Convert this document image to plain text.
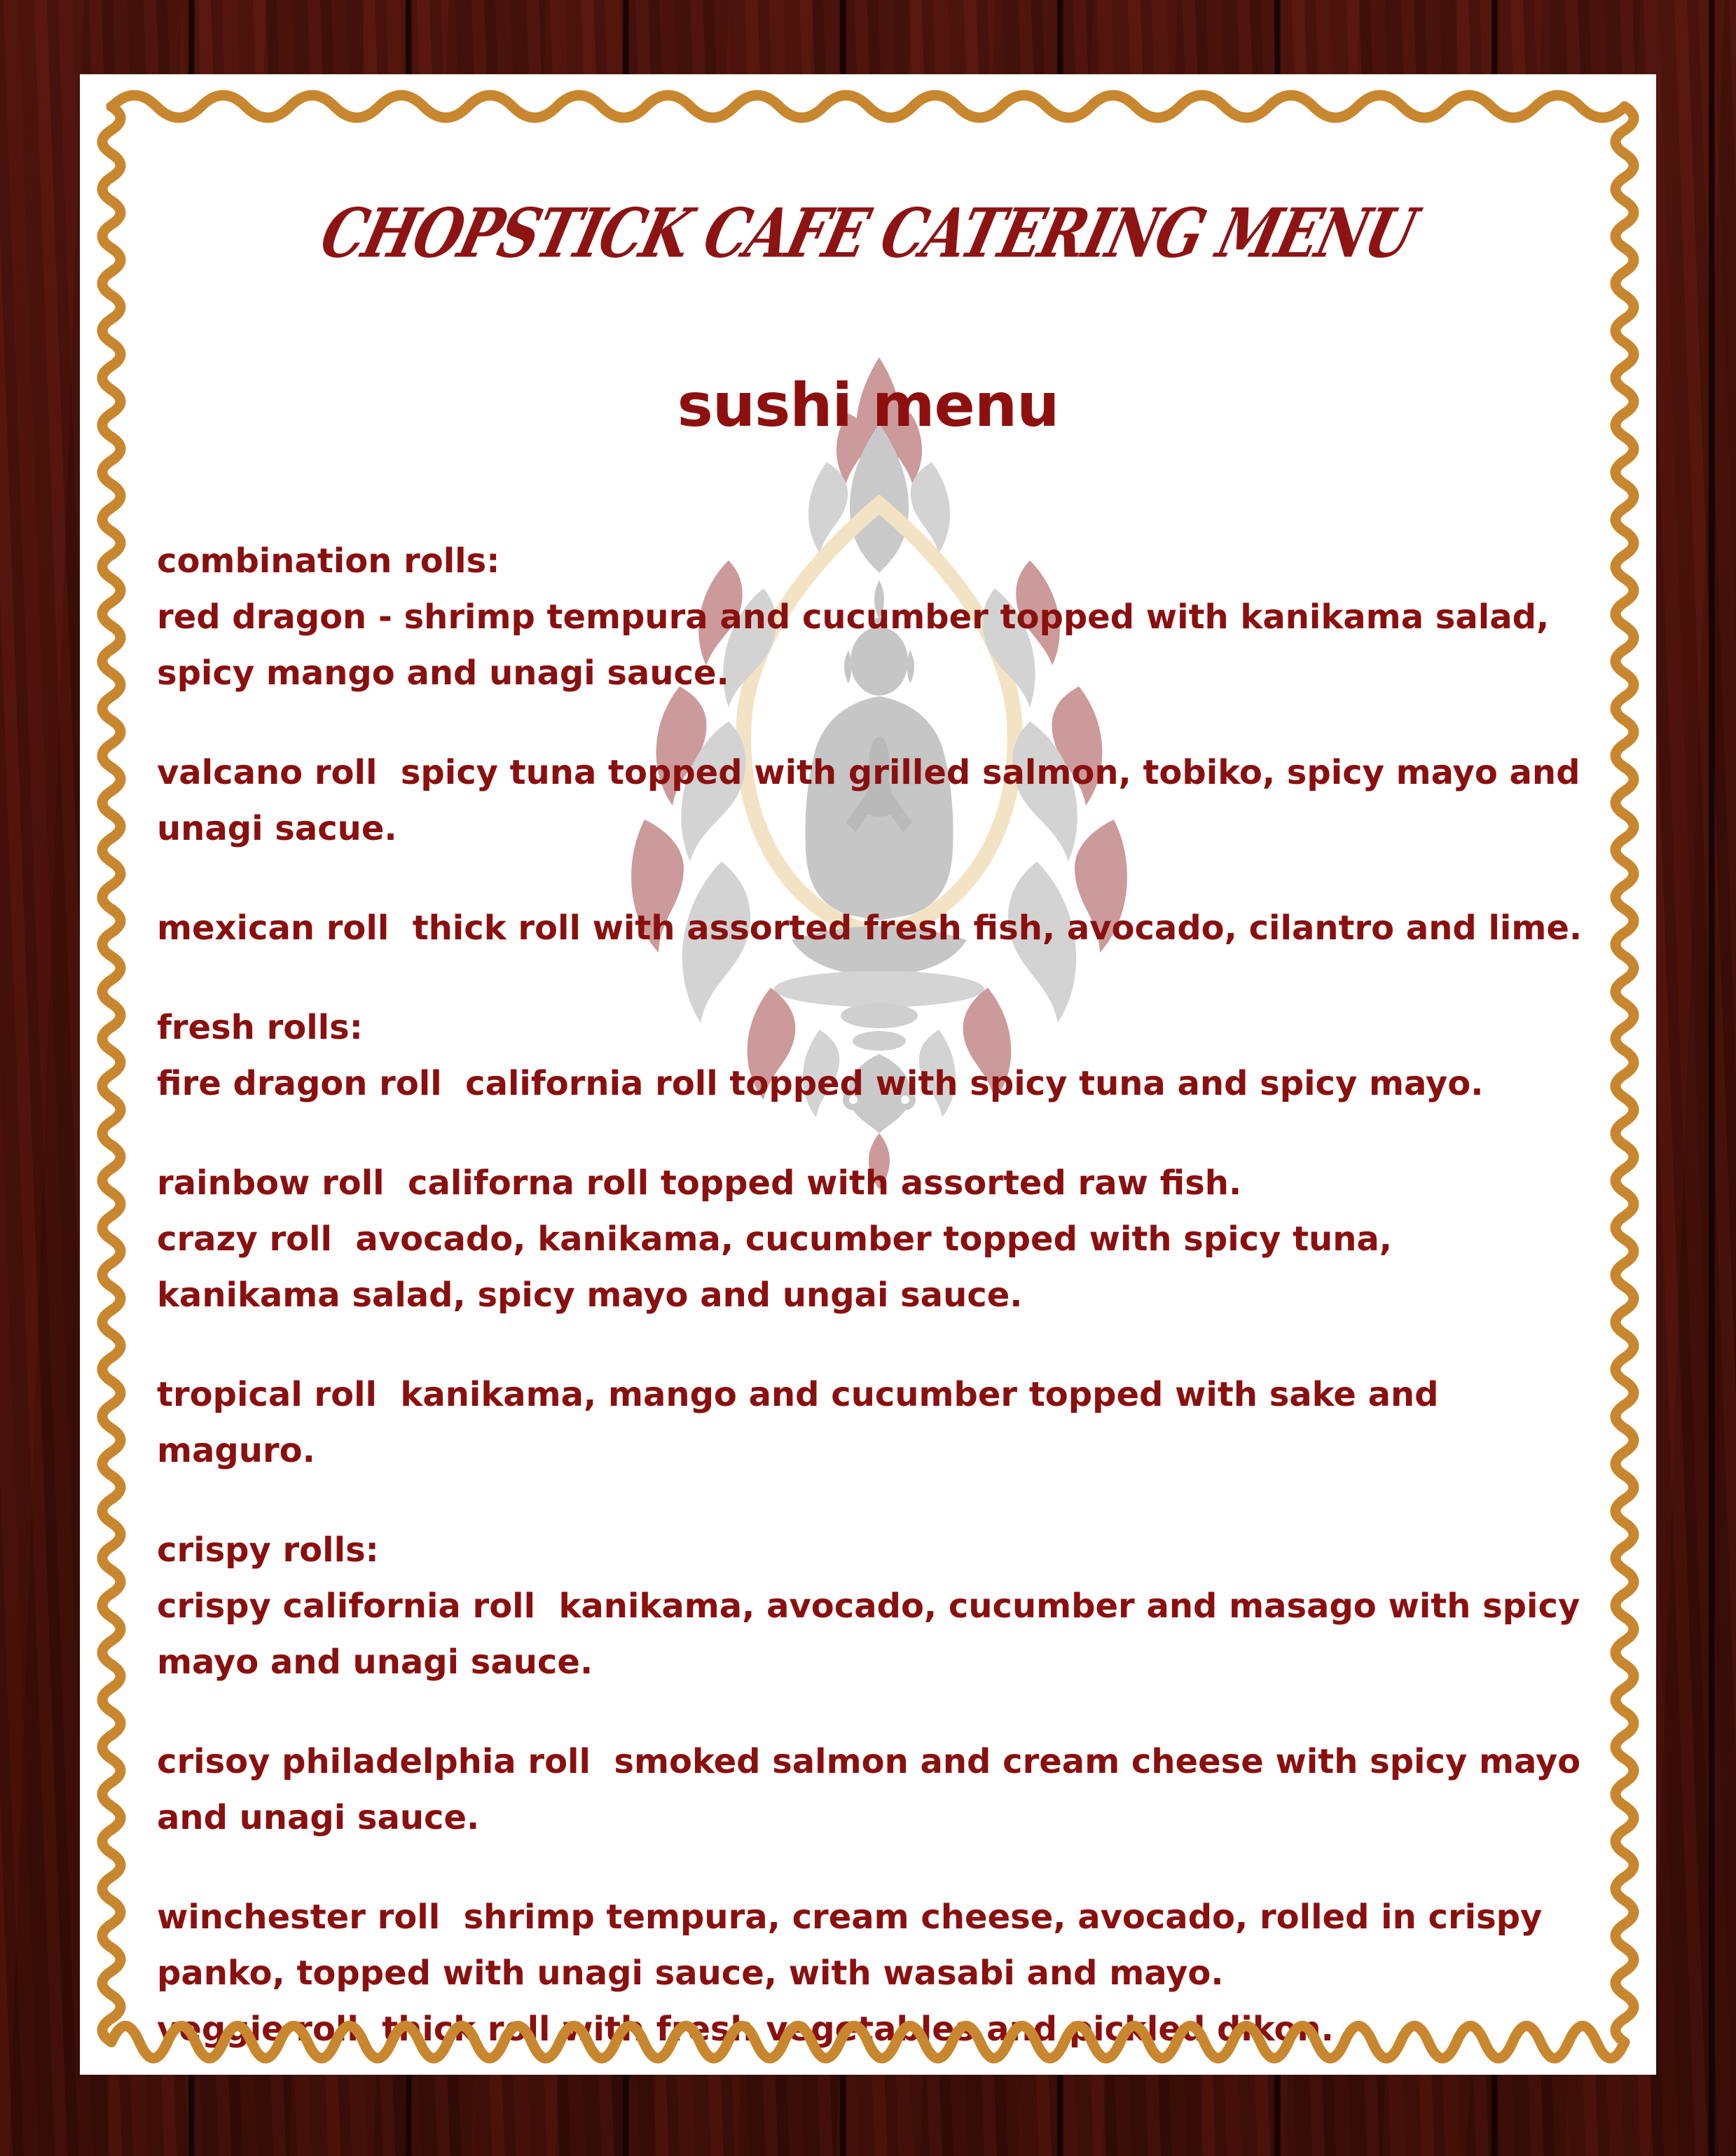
CHOPSTICK CAFE CATERING MENU
sushi menu

combination rolls:

red dragon - shrimp tempura and cucumber topped with kanikama salad, spicy mango and unagi sauce.

valcano roll  spicy tuna topped with grilled salmon, tobiko, spicy mayo and unagi sacue.

mexican roll  thick roll with assorted fresh fish, avocado, cilantro and lime.

fresh rolls:

fire dragon roll  california roll topped with spicy tuna and spicy mayo.

rainbow roll  californa roll topped with assorted raw fish.

crazy roll  avocado, kanikama, cucumber topped with spicy tuna, kanikama salad, spicy mayo and ungai sauce.

tropical roll  kanikama, mango and cucumber topped with sake and maguro.

crispy rolls:

crispy california roll  kanikama, avocado, cucumber and masago with spicy mayo and unagi sauce.

crisoy philadelphia roll  smoked salmon and cream cheese with spicy mayo and unagi sauce.

winchester roll  shrimp tempura, cream cheese, avocado, rolled in crispy panko, topped with unagi sauce, with wasabi and mayo.

veggie roll  thick roll with fresh vegetables and pickled dikon.
